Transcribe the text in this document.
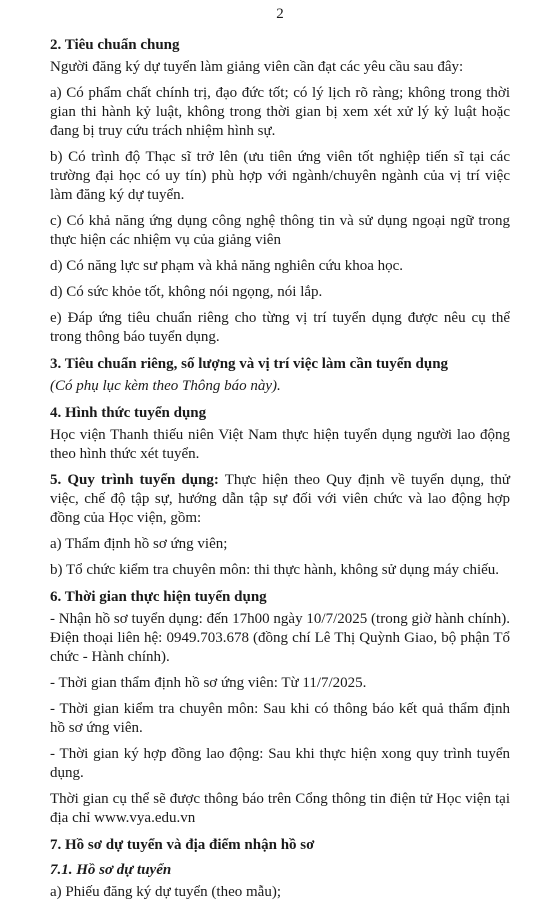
2

2. Tiêu chuẩn chung

Người đăng ký dự tuyển làm giảng viên cần đạt các yêu cầu sau đây:

a) Có phẩm chất chính trị, đạo đức tốt; có lý lịch rõ ràng; không trong thời gian thi hành kỷ luật, không trong thời gian bị xem xét xử lý kỷ luật hoặc đang bị truy cứu trách nhiệm hình sự.

b) Có trình độ Thạc sĩ trở lên (ưu tiên ứng viên tốt nghiệp tiến sĩ tại các trường đại học có uy tín) phù hợp với ngành/chuyên ngành của vị trí việc làm đăng ký dự tuyển.

c) Có khả năng ứng dụng công nghệ thông tin và sử dụng ngoại ngữ trong thực hiện các nhiệm vụ của giảng viên

d) Có năng lực sư phạm và khả năng nghiên cứu khoa học.

d) Có sức khỏe tốt, không nói ngọng, nói lắp.

e) Đáp ứng tiêu chuẩn riêng cho từng vị trí tuyển dụng được nêu cụ thể trong thông báo tuyển dụng.

3. Tiêu chuẩn riêng, số lượng và vị trí việc làm cần tuyển dụng

(Có phụ lục kèm theo Thông báo này).

4. Hình thức tuyển dụng

Học viện Thanh thiếu niên Việt Nam thực hiện tuyển dụng người lao động theo hình thức xét tuyển.

5. Quy trình tuyển dụng: Thực hiện theo Quy định về tuyển dụng, thử việc, chế độ tập sự, hướng dẫn tập sự đối với viên chức và lao động hợp đồng của Học viện, gồm:

a) Thẩm định hồ sơ ứng viên;

b) Tổ chức kiểm tra chuyên môn: thi thực hành, không sử dụng máy chiếu.

6. Thời gian thực hiện tuyển dụng

- Nhận hồ sơ tuyển dụng: đến 17h00 ngày 10/7/2025 (trong giờ hành chính). Điện thoại liên hệ: 0949.703.678 (đồng chí Lê Thị Quỳnh Giao, bộ phận Tổ chức - Hành chính).

- Thời gian thẩm định hồ sơ ứng viên: Từ 11/7/2025.

- Thời gian kiểm tra chuyên môn: Sau khi có thông báo kết quả thẩm định hồ sơ ứng viên.

- Thời gian ký hợp đồng lao động: Sau khi thực hiện xong quy trình tuyển dụng.

Thời gian cụ thể sẽ được thông báo trên Cổng thông tin điện tử Học viện tại địa chỉ www.vya.edu.vn

7. Hồ sơ dự tuyển và địa điểm nhận hồ sơ

7.1. Hồ sơ dự tuyển

a) Phiếu đăng ký dự tuyển (theo mẫu);
